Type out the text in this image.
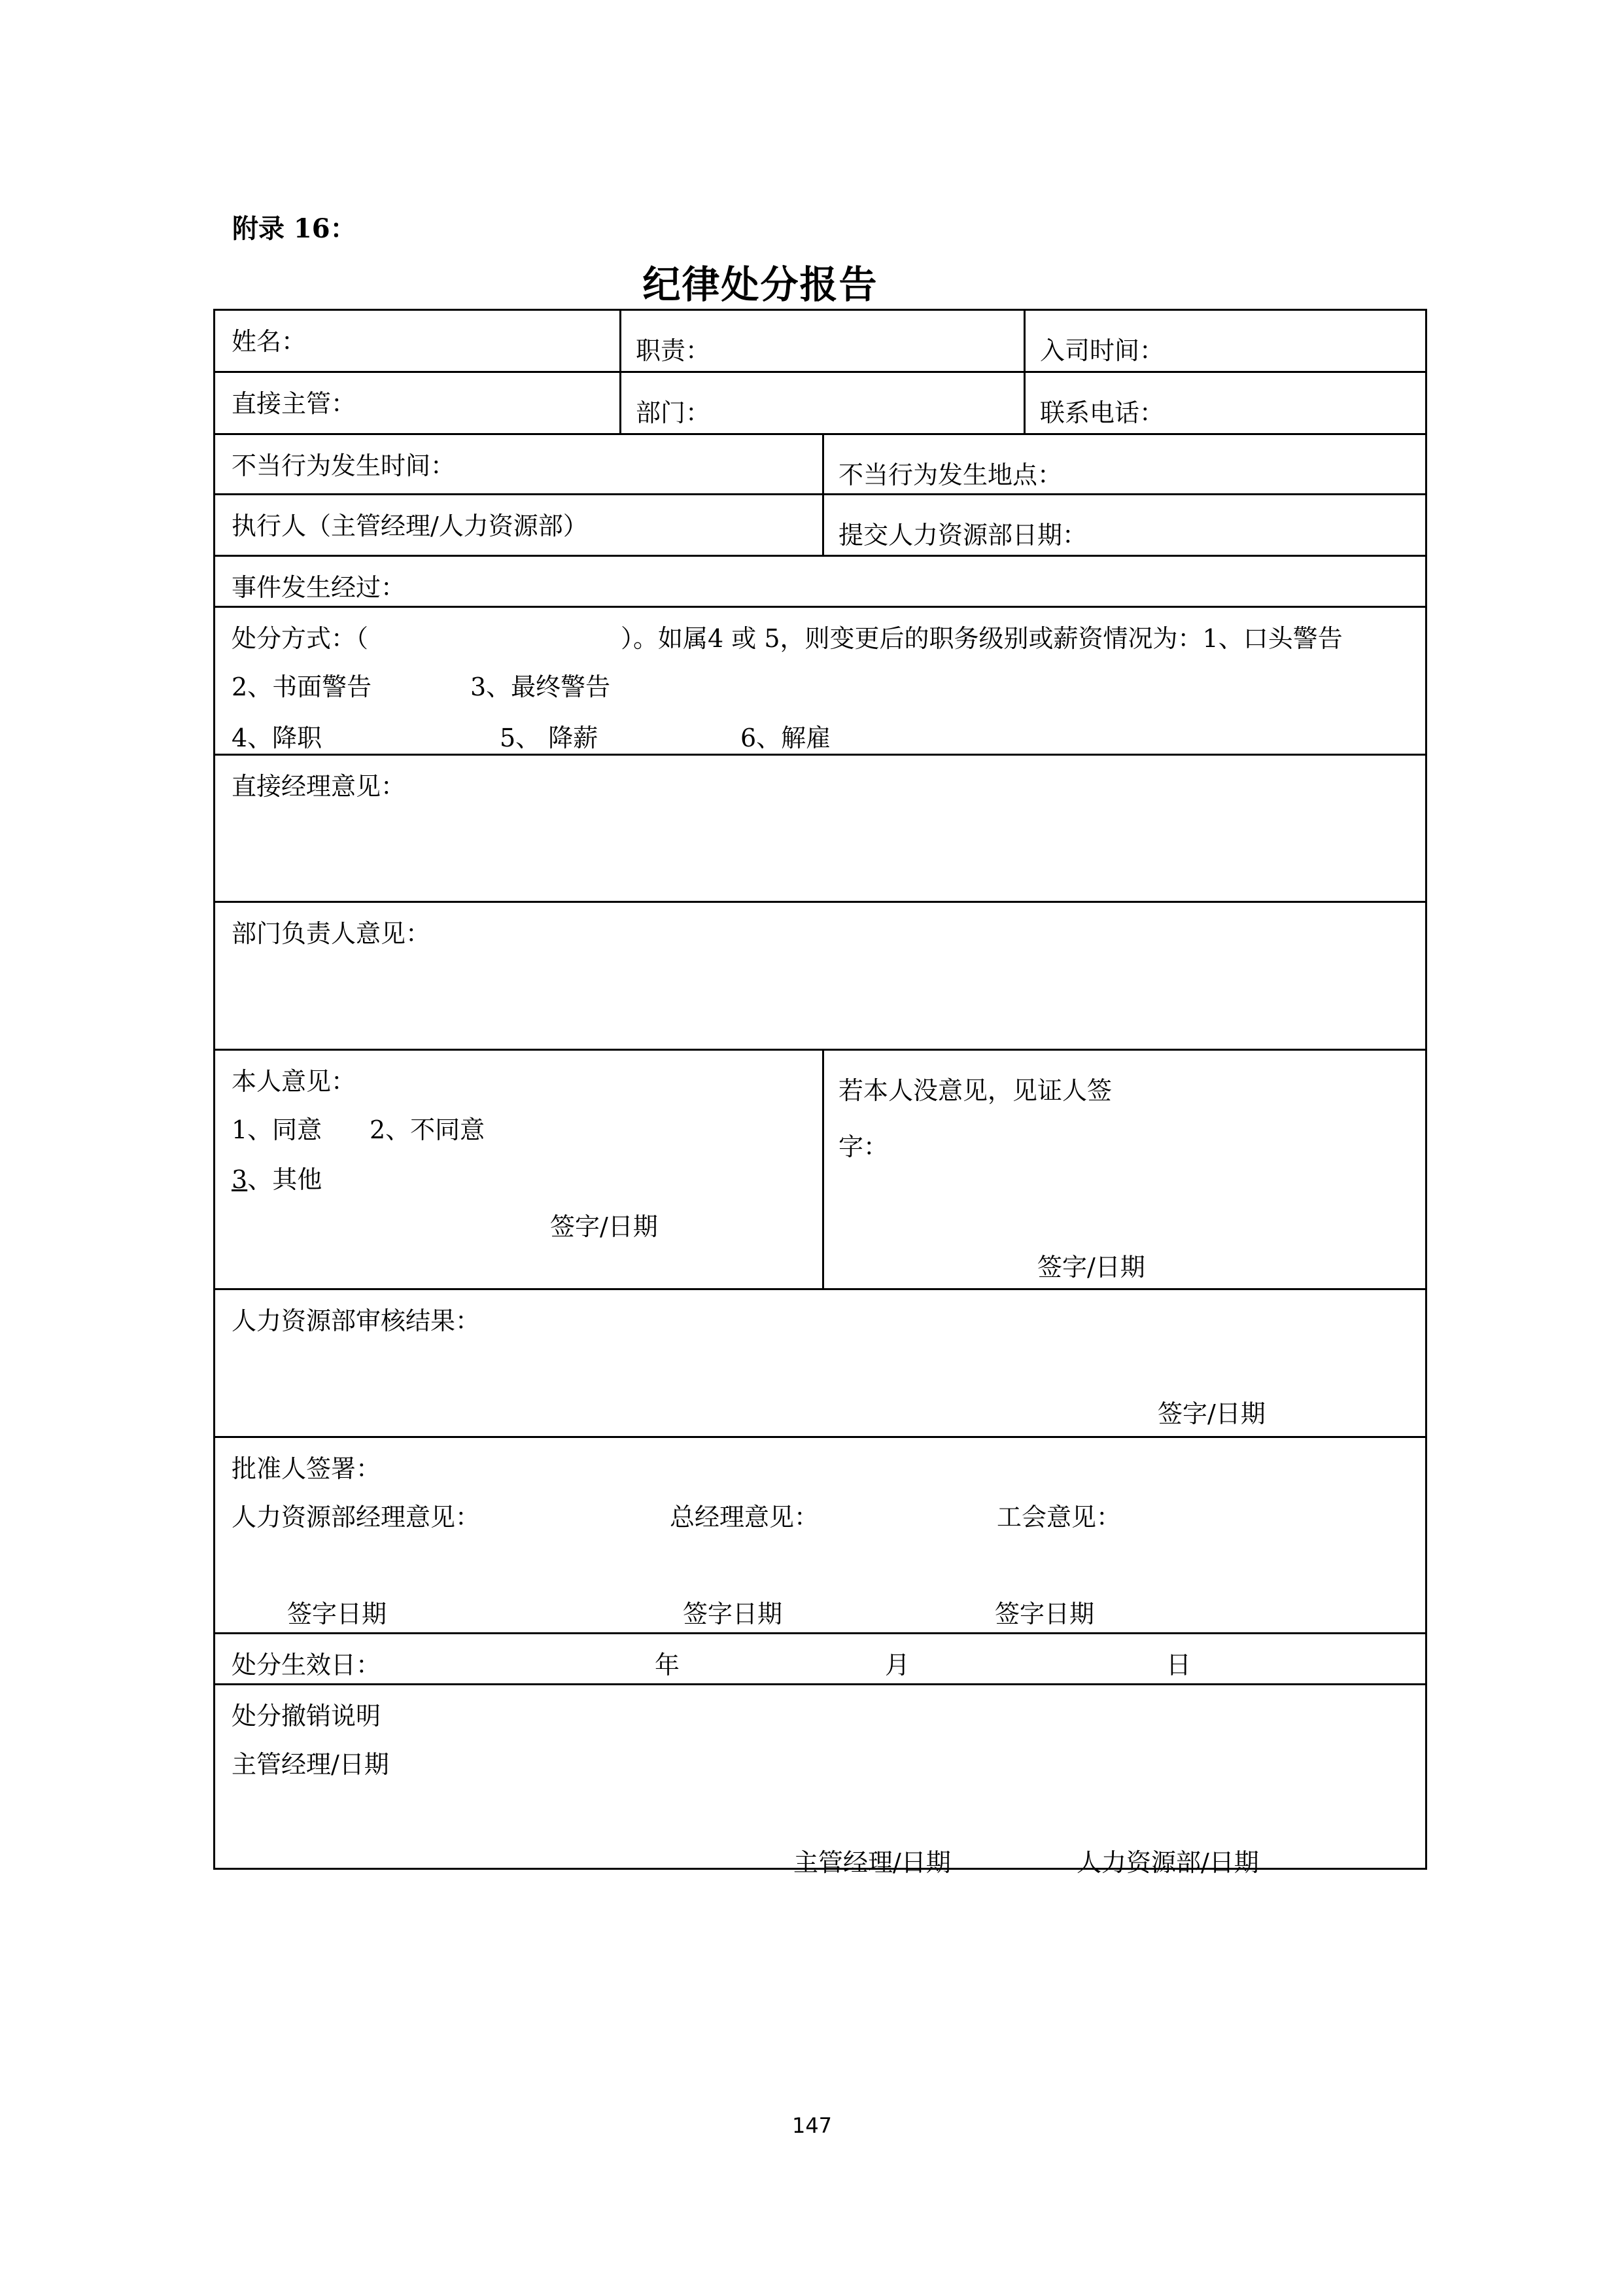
附录 16：
纪律处分报告
姓名：	职责：	入司时间：
直接主管：	部门：	联系电话：
不当行为发生时间：	不当行为发生地点：
执行人（主管经理/人力资源部）	提交人力资源部日期：
事件发生经过：
处分方式：（	）。如属4 或 5，则变更后的职务级别或薪资情况为：1、口头警告
2、书面警告	3、最终警告
4、降职	5、 降薪	6、解雇
直接经理意见：
部门负责人意见：
本人意见：
1、同意 2、不同意
3、其他
签字/日期
若本人没意见，见证人签
字：
签字/日期
人力资源部审核结果：
签字/日期
批准人签署：
人力资源部经理意见：	总经理意见：	工会意见：
签字日期	签字日期	签字日期
处分生效日：	年	月	日
处分撤销说明
主管经理/日期
主管经理/日期	人力资源部/日期
147
